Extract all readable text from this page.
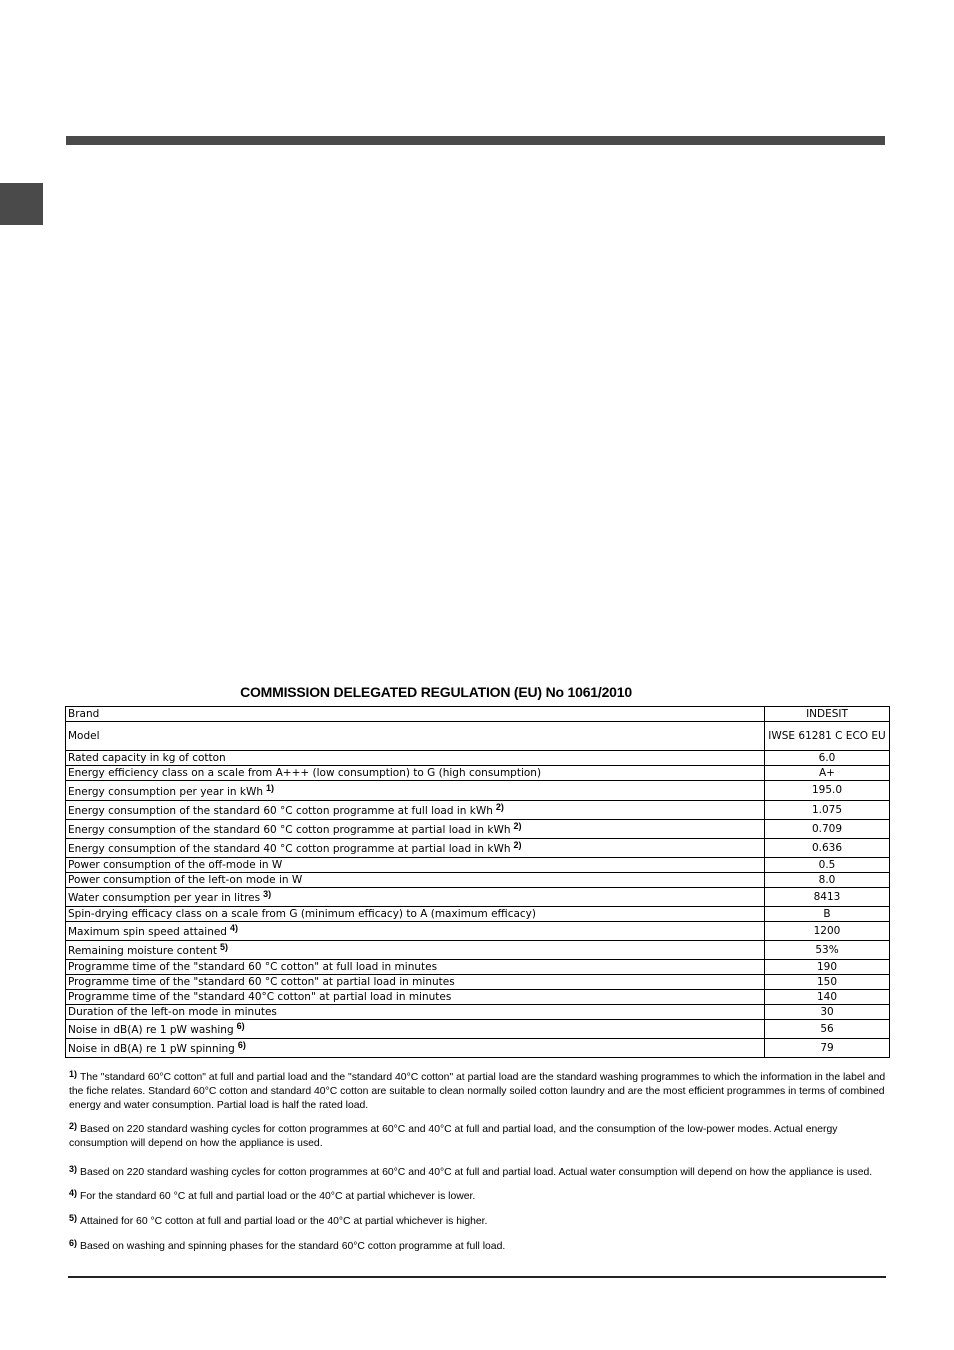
COMMISSION DELEGATED REGULATION (EU) No 1061/2010
Brand	INDESIT
Model	IWSE 61281 C ECO EU
Rated capacity in kg of cotton	6.0
Energy efficiency class on a scale from A+++ (low consumption) to G (high consumption)	A+
Energy consumption per year in kWh $^{1)}$	195.0
Energy consumption of the standard 60 °C cotton programme at full load in kWh $^{2)}$	1.075
Energy consumption of the standard 60 °C cotton programme at partial load in kWh $^{2)}$	0.709
Energy consumption of the standard 40 °C cotton programme at partial load in kWh $^{2)}$	0.636
Power consumption of the off-mode in W	0.5
Power consumption of the left-on mode in W	8.0
Water consumption per year in litres $^{3)}$	8413
Spin-drying efficacy class on a scale from G (minimum efficacy) to A (maximum efficacy)	B
Maximum spin speed attained $^{4)}$	1200
Remaining moisture content $^{5)}$	53%
Programme time of the "standard 60 °C cotton" at full load in minutes	190
Programme time of the "standard 60 °C cotton" at partial load in minutes	150
Programme time of the "standard 40°C cotton" at partial load in minutes	140
Duration of the left-on mode in minutes	30
Noise in dB(A) re 1 pW washing $^{6)}$	56
Noise in dB(A) re 1 pW spinning $^{6)}$	79

$^{1)}$ The "standard 60°C cotton" at full and partial load and the "standard 40°C cotton" at partial load are the standard washing programmes to which the information in the label and the fiche relates. Standard 60°C cotton and standard 40°C cotton are suitable to clean normally soiled cotton laundry and are the most efficient programmes in terms of combined energy and water consumption. Partial load is half the rated load.

$^{2)}$ Based on 220 standard washing cycles for cotton programmes at 60°C and 40°C at full and partial load, and the consumption of the low-power modes. Actual energy consumption will depend on how the appliance is used.

$^{3)}$ Based on 220 standard washing cycles for cotton programmes at 60°C and 40°C at full and partial load. Actual water consumption will depend on how the appliance is used.

$^{4)}$ For the standard 60 °C at full and partial load or the 40°C at partial whichever is lower.

$^{5)}$ Attained for 60 °C cotton at full and partial load or the 40°C at partial whichever is higher.

$^{6)}$ Based on washing and spinning phases for the standard 60°C cotton programme at full load.
